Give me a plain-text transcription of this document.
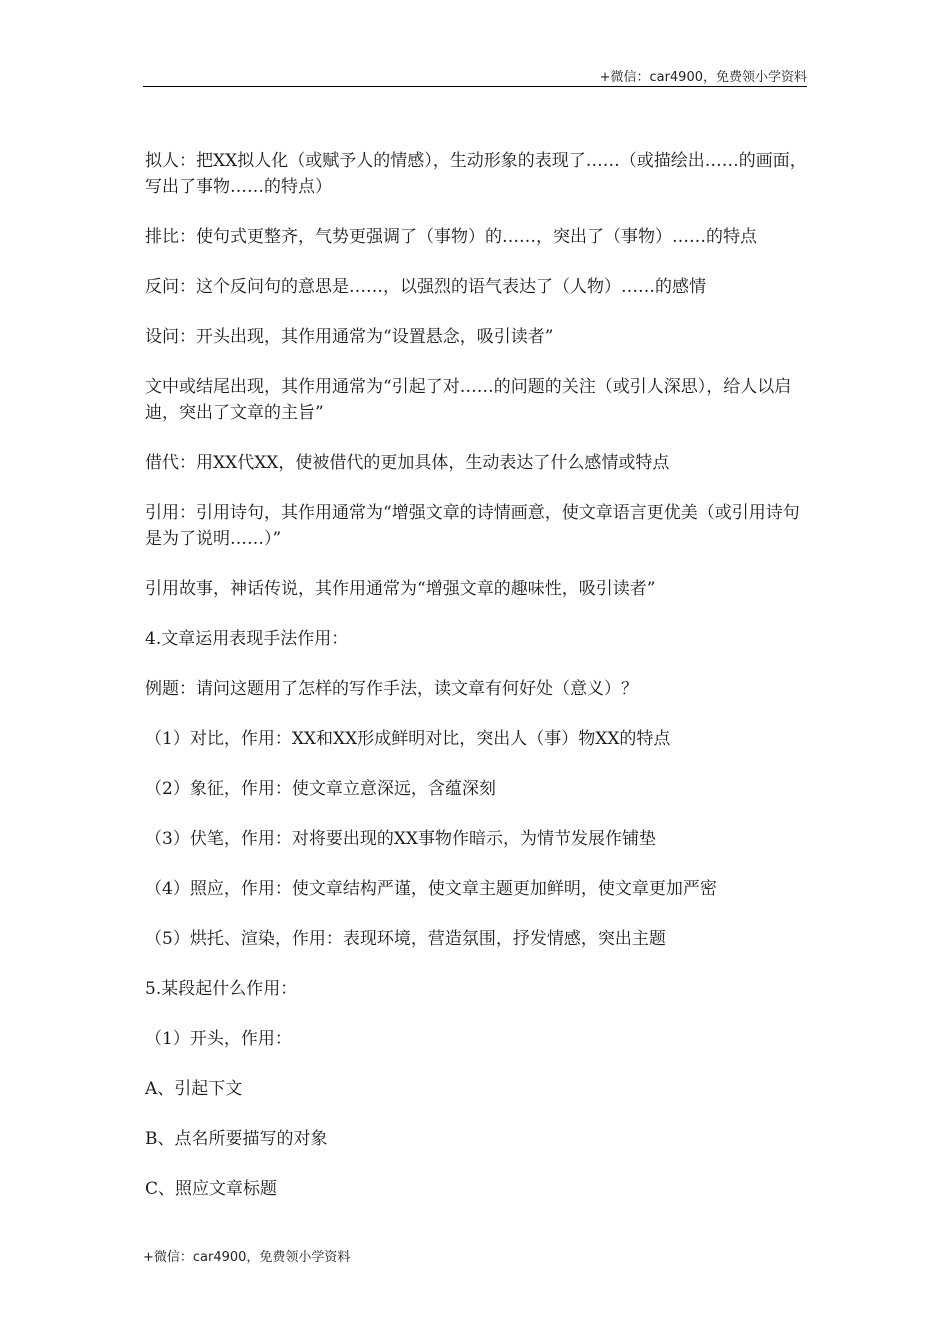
+微信：car4900，免费领小学资料

拟人：把XX拟人化（或赋予人的情感），生动形象的表现了……（或描绘出……的画面，写出了事物……的特点）

排比：使句式更整齐，气势更强调了（事物）的……，突出了（事物）……的特点

反问：这个反问句的意思是……，以强烈的语气表达了（人物）……的感情

设问：开头出现，其作用通常为“设置悬念，吸引读者”

文中或结尾出现，其作用通常为“引起了对……的问题的关注（或引人深思），给人以启迪，突出了文章的主旨”

借代：用XX代XX，使被借代的更加具体，生动表达了什么感情或特点

引用：引用诗句，其作用通常为“增强文章的诗情画意，使文章语言更优美（或引用诗句是为了说明……）”

引用故事，神话传说，其作用通常为“增强文章的趣味性，吸引读者”

4.文章运用表现手法作用：

例题：请问这题用了怎样的写作手法，读文章有何好处（意义）？

（1）对比，作用：XX和XX形成鲜明对比，突出人（事）物XX的特点

（2）象征，作用：使文章立意深远，含蕴深刻

（3）伏笔，作用：对将要出现的XX事物作暗示，为情节发展作铺垫

（4）照应，作用：使文章结构严谨，使文章主题更加鲜明，使文章更加严密

（5）烘托、渲染，作用：表现环境，营造氛围，抒发情感，突出主题

5.某段起什么作用：

（1）开头，作用：

A、引起下文

B、点名所要描写的对象

C、照应文章标题

+微信：car4900，免费领小学资料
